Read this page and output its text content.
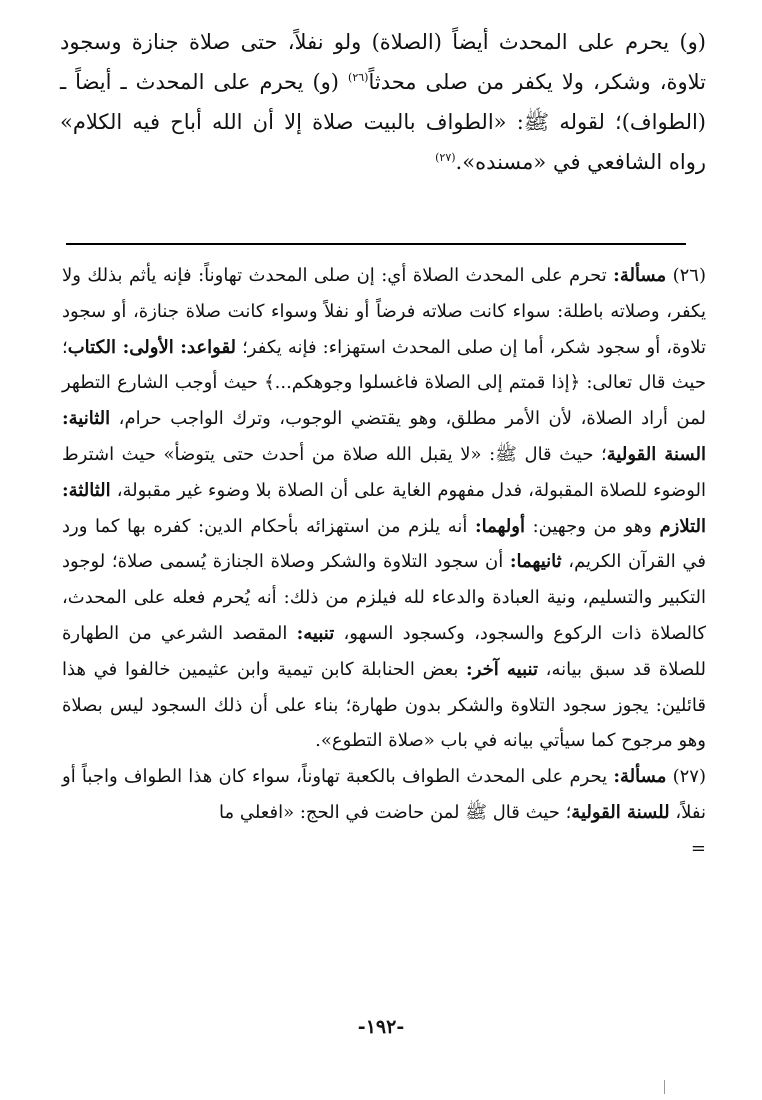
(و) يحرم على المحدث أيضاً (الصلاة) ولو نفلاً، حتى صلاة جنازة وسجود تلاوة، وشكر، ولا يكفر من صلى محدثاً$^{(٢٦)}$ (و) يحرم على المحدث ـ أيضاً ـ (الطواف)؛ لقوله ﷺ: «الطواف بالبيت صلاة إلا أن الله أباح فيه الكلام» رواه الشافعي في «مسنده».$^{(٢٧)}$

(٢٦) مسألة: تحرم على المحدث الصلاة أي: إن صلى المحدث تهاوناً: فإنه يأثم بذلك ولا يكفر، وصلاته باطلة: سواء كانت صلاته فرضاً أو نفلاً وسواء كانت صلاة جنازة، أو سجود تلاوة، أو سجود شكر، أما إن صلى المحدث استهزاء: فإنه يكفر؛ لقواعد: الأولى: الكتاب؛ حيث قال تعالى: ﴿إذا قمتم إلى الصلاة فاغسلوا وجوهكم...﴾ حيث أوجب الشارع التطهر لمن أراد الصلاة، لأن الأمر مطلق، وهو يقتضي الوجوب، وترك الواجب حرام، الثانية: السنة القولية؛ حيث قال ﷺ: «لا يقبل الله صلاة من أحدث حتى يتوضأ» حيث اشترط الوضوء للصلاة المقبولة، فدل مفهوم الغاية على أن الصلاة بلا وضوء غير مقبولة، الثالثة: التلازم وهو من وجهين: أولهما: أنه يلزم من استهزائه بأحكام الدين: كفره بها كما ورد في القرآن الكريم، ثانيهما: أن سجود التلاوة والشكر وصلاة الجنازة يُسمى صلاة؛ لوجود التكبير والتسليم، ونية العبادة والدعاء لله فيلزم من ذلك: أنه يُحرم فعله على المحدث، كالصلاة ذات الركوع والسجود، وكسجود السهو، تنبيه: المقصد الشرعي من الطهارة للصلاة قد سبق بيانه، تنبيه آخر: بعض الحنابلة كابن تيمية وابن عثيمين خالفوا في هذا قائلين: يجوز سجود التلاوة والشكر بدون طهارة؛ بناء على أن ذلك السجود ليس بصلاة وهو مرجوح كما سيأتي بيانه في باب «صلاة التطوع».

(٢٧) مسألة: يحرم على المحدث الطواف بالكعبة تهاوناً، سواء كان هذا الطواف واجباً أو نفلاً، للسنة القولية؛ حيث قال ﷺ لمن حاضت في الحج: «افعلي ما

=

-١٩٢-
